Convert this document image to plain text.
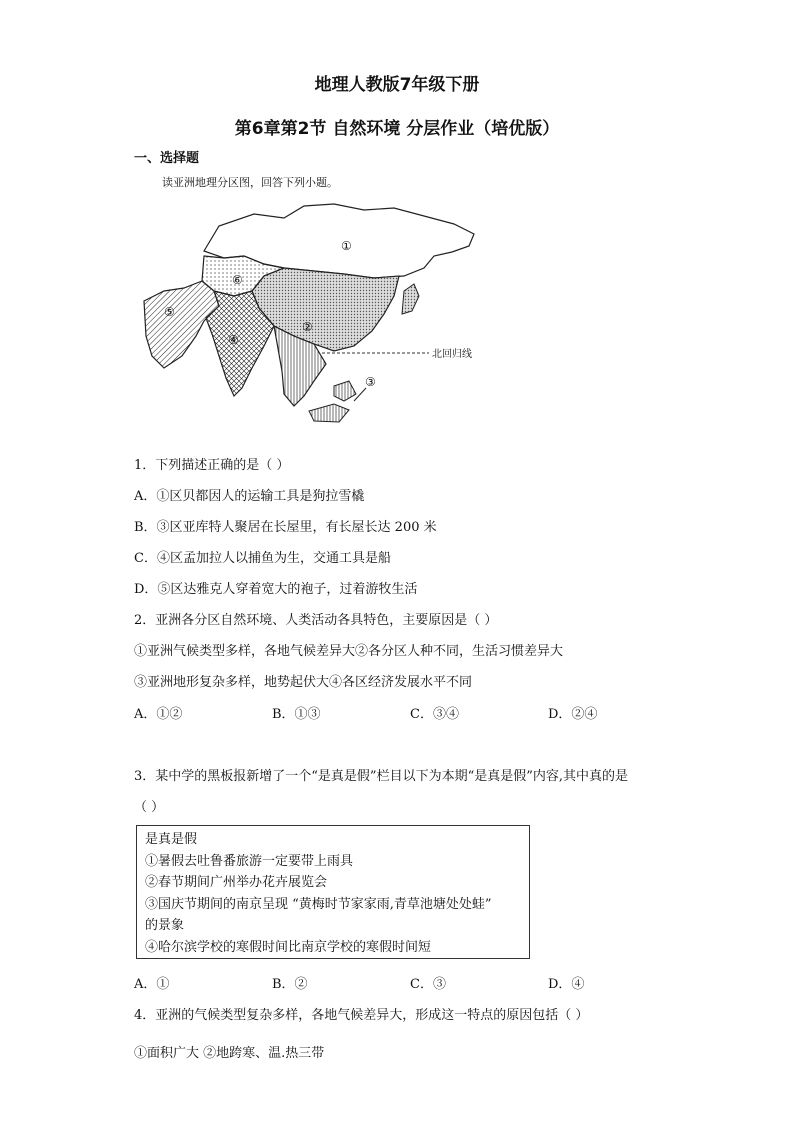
地理人教版7年级下册
第6章第2节 自然环境 分层作业（培优版）
一、选择题
读亚洲地理分区图，回答下列小题。
①
②
③
④
⑤
⑥
北回归线
1．下列描述正确的是（ ）
A．①区贝都因人的运输工具是狗拉雪橇
B．③区亚库特人聚居在长屋里，有长屋长达 200 米
C．④区孟加拉人以捕鱼为生，交通工具是船
D．⑤区达雅克人穿着宽大的袍子，过着游牧生活
2．亚洲各分区自然环境、人类活动各具特色，主要原因是（ ）
①亚洲气候类型多样，各地气候差异大②各分区人种不同，生活习惯差异大
③亚洲地形复杂多样，地势起伏大④各区经济发展水平不同
A．①②	B．①③	C．③④	D．②④
3．某中学的黑板报新增了一个“是真是假”栏目以下为本期“是真是假”内容,其中真的是
（ ）
是真是假
①暑假去吐鲁番旅游一定要带上雨具
②春节期间广州举办花卉展览会
③国庆节期间的南京呈现 “黄梅时节家家雨,青草池塘处处蛙”
的景象
④哈尔滨学校的寒假时间比南京学校的寒假时间短
A．①	B．②	C．③	D．④
4．亚洲的气候类型复杂多样，各地气候差异大，形成这一特点的原因包括（ ）
①面积广大 ②地跨寒、温.热三带
